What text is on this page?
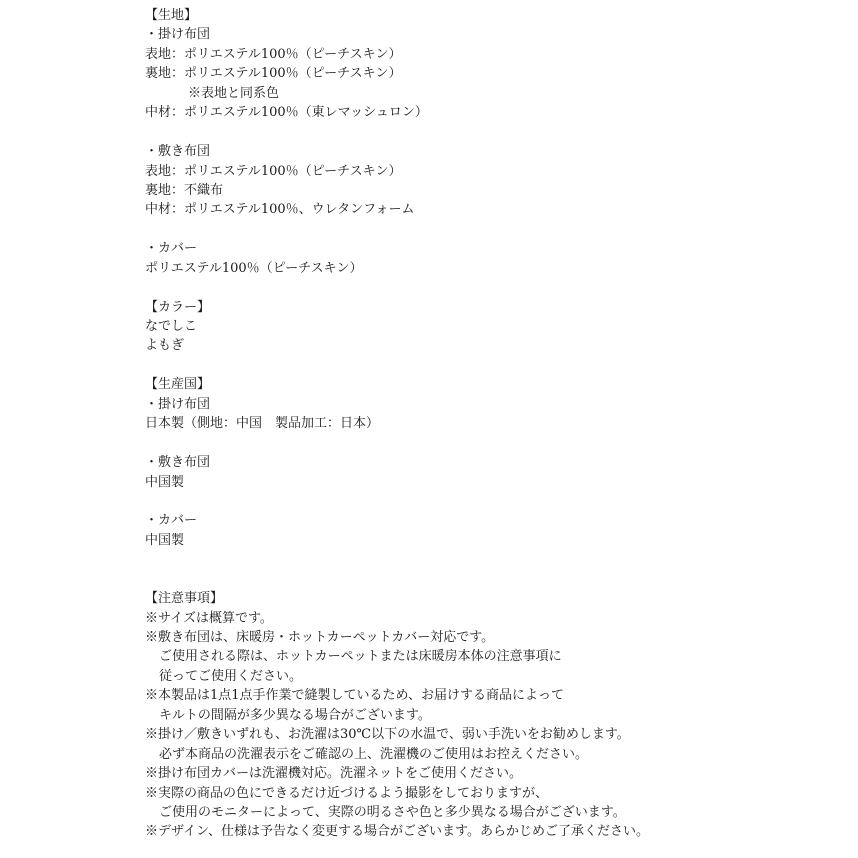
【生地】
・掛け布団
表地：ポリエステル100％（ピーチスキン）
裏地：ポリエステル100％（ピーチスキン）
※表地と同系色
中材：ポリエステル100％（東レマッシュロン）
・敷き布団
表地：ポリエステル100％（ピーチスキン）
裏地：不織布
中材：ポリエステル100％、ウレタンフォーム
・カバー
ポリエステル100％（ピーチスキン）
【カラー】
なでしこ
よもぎ
【生産国】
・掛け布団
日本製（側地：中国　製品加工：日本）
・敷き布団
中国製
・カバー
中国製
【注意事項】
※サイズは概算です。
※敷き布団は、床暖房・ホットカーペットカバー対応です。
ご使用される際は、ホットカーペットまたは床暖房本体の注意事項に
従ってご使用ください。
※本製品は1点1点手作業で縫製しているため、お届けする商品によって
キルトの間隔が多少異なる場合がございます。
※掛け／敷きいずれも、お洗濯は30℃以下の水温で、弱い手洗いをお勧めします。
必ず本商品の洗濯表示をご確認の上、洗濯機のご使用はお控えください。
※掛け布団カバーは洗濯機対応。洗濯ネットをご使用ください。
※実際の商品の色にできるだけ近づけるよう撮影をしておりますが、
ご使用のモニターによって、実際の明るさや色と多少異なる場合がございます。
※デザイン、仕様は予告なく変更する場合がございます。あらかじめご了承ください。
